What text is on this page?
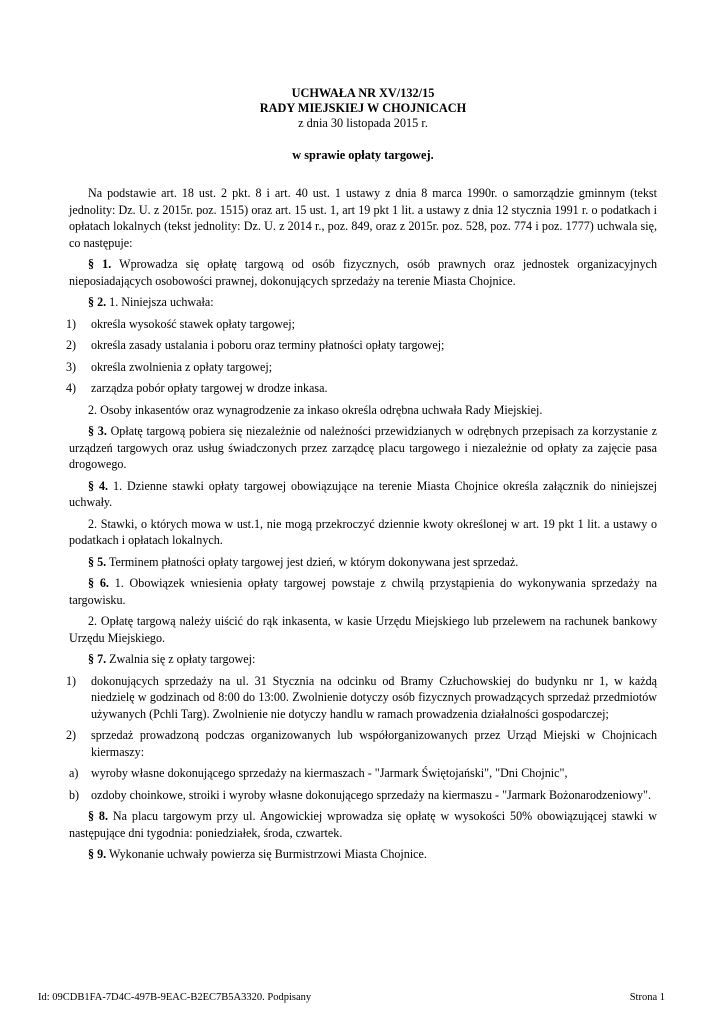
UCHWAŁA NR XV/132/15

RADY MIEJSKIEJ W CHOJNICACH

z dnia 30 listopada 2015 r.

w sprawie opłaty targowej.

Na podstawie art. 18 ust. 2 pkt. 8 i art. 40 ust. 1 ustawy z dnia 8 marca 1990r. o samorządzie gminnym (tekst jednolity: Dz. U. z 2015r. poz. 1515) oraz art. 15 ust. 1, art 19 pkt 1 lit. a ustawy z dnia 12 stycznia 1991 r. o podatkach i opłatach lokalnych (tekst jednolity: Dz. U. z 2014 r., poz. 849, oraz z 2015r. poz. 528, poz. 774 i poz. 1777) uchwala się, co następuje:

§ 1. Wprowadza się opłatę targową od osób fizycznych, osób prawnych oraz jednostek organizacyjnych nieposiadających osobowości prawnej, dokonujących sprzedaży na terenie Miasta Chojnice.

§ 2. 1. Niniejsza uchwała:

1) określa wysokość stawek opłaty targowej;
2) określa zasady ustalania i poboru oraz terminy płatności opłaty targowej;
3) określa zwolnienia z opłaty targowej;
4) zarządza pobór opłaty targowej w drodze inkasa.

2. Osoby inkasentów oraz wynagrodzenie za inkaso określa odrębna uchwała Rady Miejskiej.

§ 3. Opłatę targową pobiera się niezależnie od należności przewidzianych w odrębnych przepisach za korzystanie z urządzeń targowych oraz usług świadczonych przez zarządcę placu targowego i niezależnie od opłaty za zajęcie pasa drogowego.

§ 4. 1. Dzienne stawki opłaty targowej obowiązujące na terenie Miasta Chojnice określa załącznik do niniejszej uchwały.

2. Stawki, o których mowa w ust.1, nie mogą przekroczyć dziennie kwoty określonej w art. 19 pkt 1 lit. a ustawy o podatkach i opłatach lokalnych.

§ 5. Terminem płatności opłaty targowej jest dzień, w którym dokonywana jest sprzedaż.

§ 6. 1. Obowiązek wniesienia opłaty targowej powstaje z chwilą przystąpienia do wykonywania sprzedaży na targowisku.

2. Opłatę targową należy uiścić do rąk inkasenta, w kasie Urzędu Miejskiego lub przelewem na rachunek bankowy Urzędu Miejskiego.

§ 7. Zwalnia się z opłaty targowej:

1) dokonujących sprzedaży na ul. 31 Stycznia na odcinku od Bramy Człuchowskiej do budynku nr 1, w każdą niedzielę w godzinach od 8:00 do 13:00. Zwolnienie dotyczy osób fizycznych prowadzących sprzedaż przedmiotów używanych (Pchli Targ). Zwolnienie nie dotyczy handlu w ramach prowadzenia działalności gospodarczej;
2) sprzedaż prowadzoną podczas organizowanych lub współorganizowanych przez Urząd Miejski w Chojnicach kiermaszy:
a) wyroby własne dokonującego sprzedaży na kiermaszach - "Jarmark Świętojański", "Dni Chojnic",
b) ozdoby choinkowe, stroiki i wyroby własne dokonującego sprzedaży na kiermaszu - "Jarmark Bożonarodzeniowy".

§ 8. Na placu targowym przy ul. Angowickiej wprowadza się opłatę w wysokości 50% obowiązującej stawki w następujące dni tygodnia: poniedziałek, środa, czwartek.

§ 9. Wykonanie uchwały powierza się Burmistrzowi Miasta Chojnice.

Id: 09CDB1FA-7D4C-497B-9EAC-B2EC7B5A3320. Podpisany	Strona 1
